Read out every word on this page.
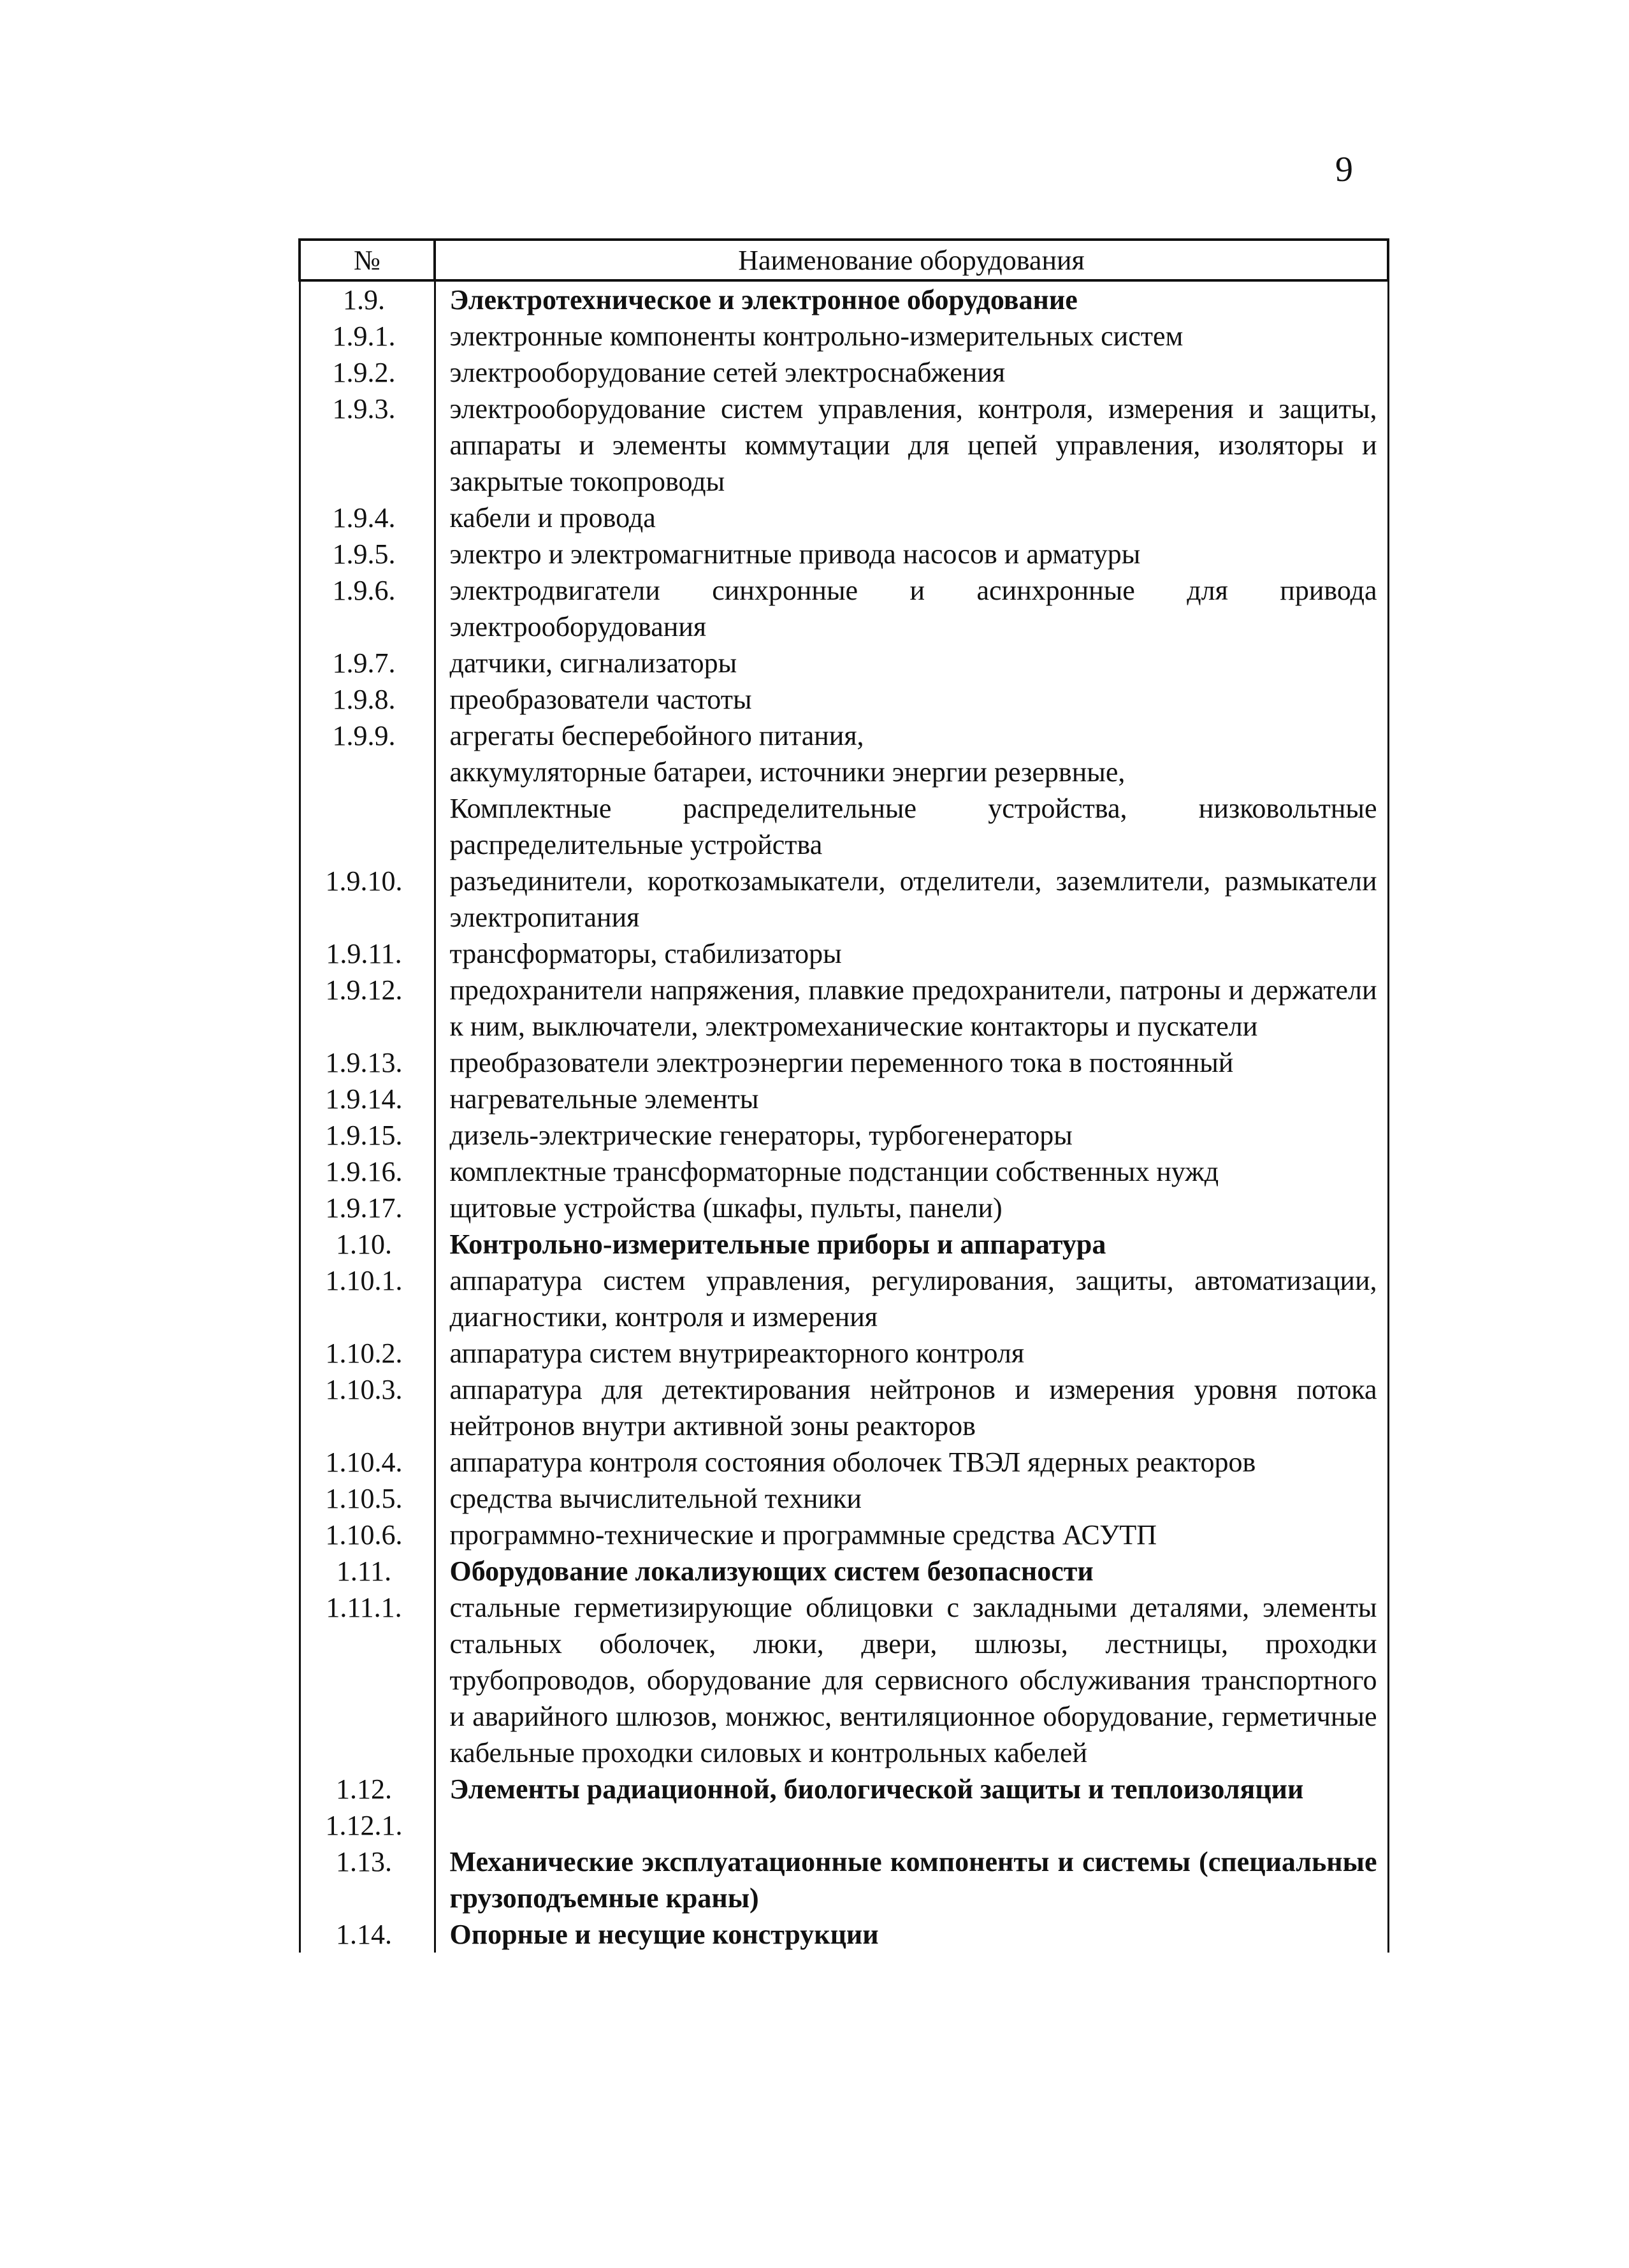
9
№	Наименование оборудования
1.9.	Электротехническое и электронное оборудование

1.9.1.	электронные компоненты контрольно-измерительных систем

1.9.2.	электрооборудование сетей электроснабжения

1.9.3.	электрооборудование систем управления, контроля, измерения и защиты, аппараты и элементы коммутации для цепей управления, изоляторы и закрытые токопроводы

1.9.4.	кабели и провода

1.9.5.	электро и электромагнитные привода насосов и арматуры

1.9.6.	электродвигатели синхронные и асинхронные для привода электрооборудования

1.9.7.	датчики, сигнализаторы

1.9.8.	преобразователи частоты

1.9.9.	агрегаты бесперебойного питания,
аккумуляторные батареи, источники энергии резервные,
Комплектные распределительные устройства, низковольтные распределительные устройства

1.9.10.	разъединители, короткозамыкатели, отделители, заземлители, размыкатели электропитания

1.9.11.	трансформаторы, стабилизаторы

1.9.12.	предохранители напряжения, плавкие предохранители, патроны и держатели к ним, выключатели, электромеханические контакторы и пускатели

1.9.13.	преобразователи электроэнергии переменного тока в постоянный

1.9.14.	нагревательные элементы

1.9.15.	дизель-электрические генераторы, турбогенераторы

1.9.16.	комплектные трансформаторные подстанции собственных нужд

1.9.17.	щитовые устройства (шкафы, пульты, панели)

1.10.	Контрольно-измерительные приборы и аппаратура

1.10.1.	аппаратура систем управления, регулирования, защиты, автоматизации, диагностики, контроля и измерения

1.10.2.	аппаратура систем внутриреакторного контроля

1.10.3.	аппаратура для детектирования нейтронов и измерения уровня потока нейтронов внутри активной зоны реакторов

1.10.4.	аппаратура контроля состояния оболочек ТВЭЛ ядерных реакторов

1.10.5.	средства вычислительной техники

1.10.6.	программно-технические и программные средства АСУТП

1.11.	Оборудование локализующих систем безопасности

1.11.1.	стальные герметизирующие облицовки с закладными деталями, элементы стальных оболочек, люки, двери, шлюзы, лестницы, проходки трубопроводов, оборудование для сервисного обслуживания транспортного и аварийного шлюзов, монжюс, вентиляционное оборудование, герметичные кабельные проходки силовых и контрольных кабелей

1.12.	Элементы радиационной, биологической защиты и теплоизоляции

1.12.1.	

1.13.	Механические эксплуатационные компоненты и системы (специальные грузоподъемные краны)

1.14.	Опорные и несущие конструкции
